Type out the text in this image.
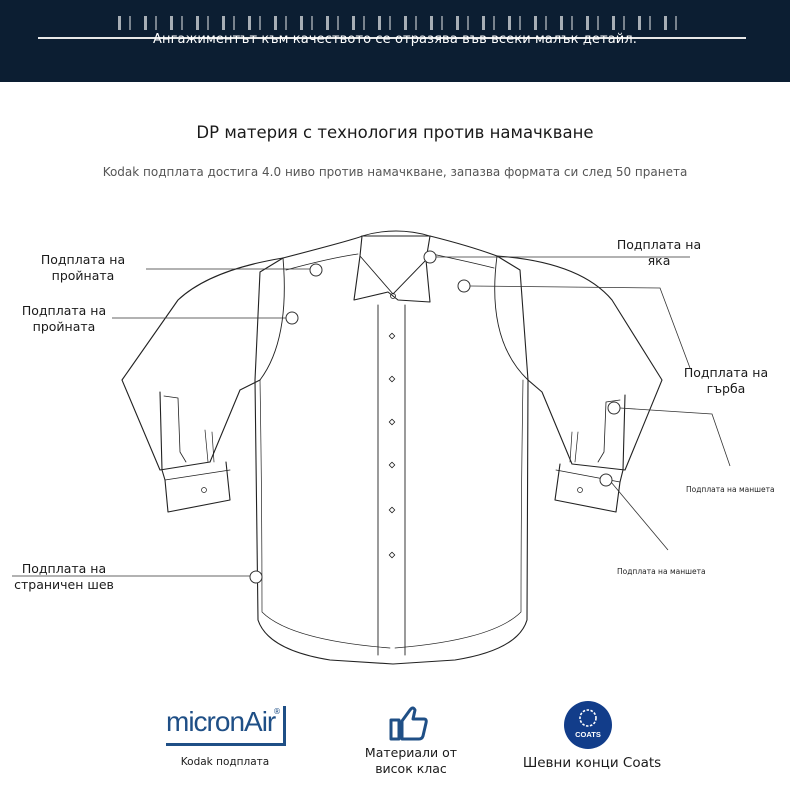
Ангажиментът към качеството се отразява във всеки малък детайл.
DP материя с технология против намачкване
Kodak подплата достига 4.0 ниво против намачкване, запазва формата си след 50 пранета
Подплата на пройната
Подплата на пройната
Подплата на яка
Подплата на гърба
Подплата на маншета
Подплата на маншета
Подплата на страничен шев
micronAir
®
Kodak подплата
Материали от висок клас
COATS
Шевни конци Coats
